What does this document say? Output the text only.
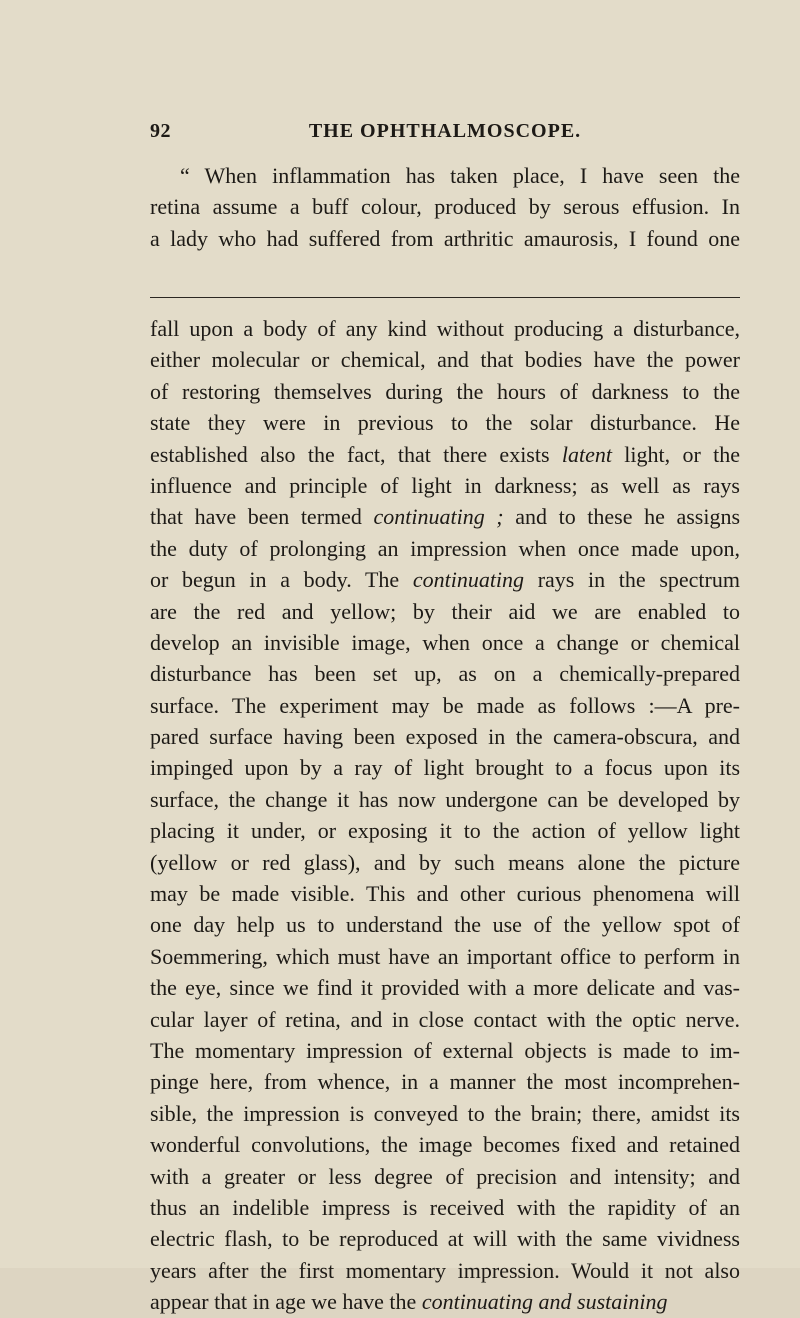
92	THE OPHTHALMOSCOPE.
“ When inflammation has taken place, I have seen the
retina assume a buff colour, produced by serous effusion. In
a lady who had suffered from arthritic amaurosis, I found one
fall upon a body of any kind without producing a disturbance,
either molecular or chemical, and that bodies have the power
of restoring themselves during the hours of darkness to the
state they were in previous to the solar disturbance. He
established also the fact, that there exists latent light, or the
influence and principle of light in darkness; as well as rays
that have been termed continuating ; and to these he assigns
the duty of prolonging an impression when once made upon,
or begun in a body. The continuating rays in the spectrum
are the red and yellow; by their aid we are enabled to
develop an invisible image, when once a change or chemical
disturbance has been set up, as on a chemically-prepared
surface. The experiment may be made as follows :—A pre-
pared surface having been exposed in the camera-obscura, and
impinged upon by a ray of light brought to a focus upon its
surface, the change it has now undergone can be developed by
placing it under, or exposing it to the action of yellow light
(yellow or red glass), and by such means alone the picture
may be made visible. This and other curious phenomena will
one day help us to understand the use of the yellow spot of
Soemmering, which must have an important office to perform in
the eye, since we find it provided with a more delicate and vas-
cular layer of retina, and in close contact with the optic nerve.
The momentary impression of external objects is made to im-
pinge here, from whence, in a manner the most incomprehen-
sible, the impression is conveyed to the brain; there, amidst its
wonderful convolutions, the image becomes fixed and retained
with a greater or less degree of precision and intensity; and
thus an indelible impress is received with the rapidity of an
electric flash, to be reproduced at will with the same vividness
years after the first momentary impression. Would it not also
appear that in age we have the continuating and sustaining
